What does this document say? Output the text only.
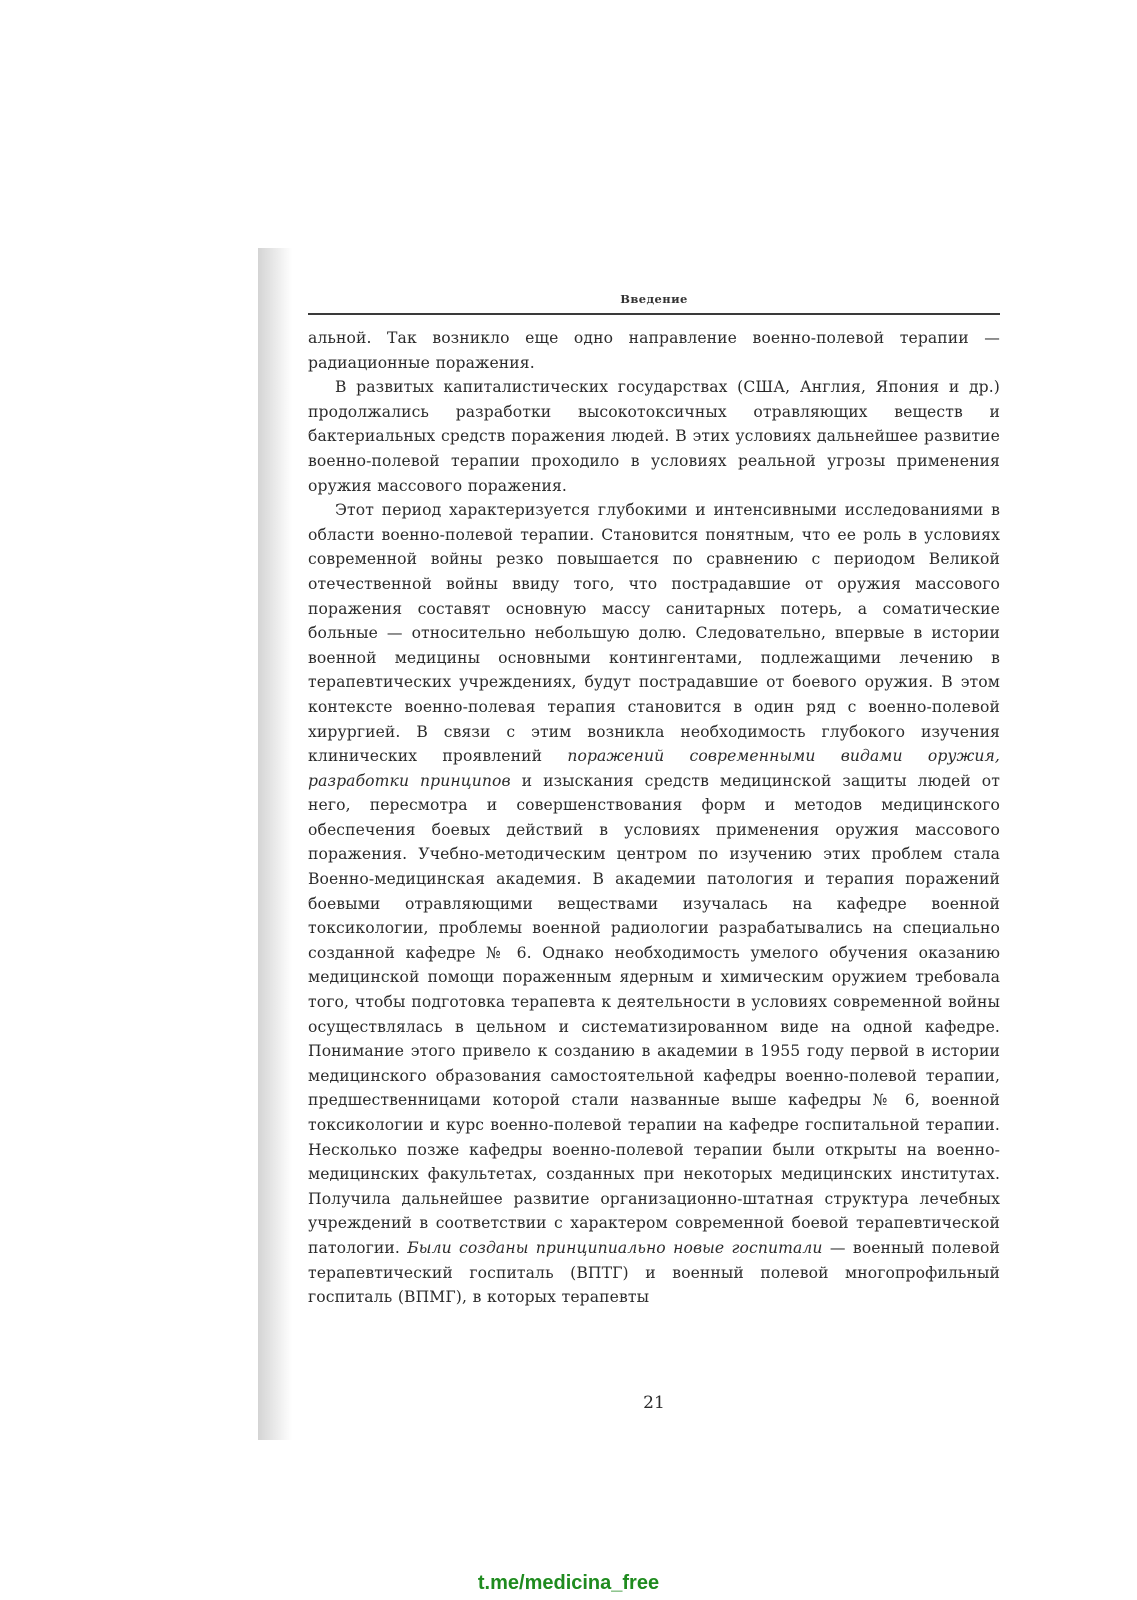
Введение

альной. Так возникло еще одно направление военно-полевой терапии — радиационные поражения.

В развитых капиталистических государствах (США, Англия, Япония и др.) продолжались разработки высокотоксичных отравляющих веществ и бактериальных средств поражения людей. В этих условиях дальнейшее развитие военно-полевой терапии проходило в условиях реальной угрозы применения оружия массового поражения.

Этот период характеризуется глубокими и интенсивными исследованиями в области военно-полевой терапии. Становится понятным, что ее роль в условиях современной войны резко повышается по сравнению с периодом Великой отечественной войны ввиду того, что пострадавшие от оружия массового поражения составят основную массу санитарных потерь, а соматические больные — относительно небольшую долю. Следовательно, впервые в истории военной медицины основными контингентами, подлежащими лечению в терапевтических учреждениях, будут пострадавшие от боевого оружия. В этом контексте военно-полевая терапия становится в один ряд с военно-полевой хирургией. В связи с этим возникла необходимость глубокого изучения клинических проявлений поражений современными видами оружия, разработки принципов и изыскания средств медицинской защиты людей от него, пересмотра и совершенствования форм и методов медицинского обеспечения боевых действий в условиях применения оружия массового поражения. Учебно-методическим центром по изучению этих проблем стала Военно-медицинская академия. В академии патология и терапия поражений боевыми отравляющими веществами изучалась на кафедре военной токсикологии, проблемы военной радиологии разрабатывались на специально созданной кафедре № 6. Однако необходимость умелого обучения оказанию медицинской помощи пораженным ядерным и химическим оружием требовала того, чтобы подготовка терапевта к деятельности в условиях современной войны осуществлялась в цельном и систематизированном виде на одной кафедре. Понимание этого привело к созданию в академии в 1955 году первой в истории медицинского образования самостоятельной кафедры военно-полевой терапии, предшественницами которой стали названные выше кафедры № 6, военной токсикологии и курс военно-полевой терапии на кафедре госпитальной терапии. Несколько позже кафедры военно-полевой терапии были открыты на военно-медицинских факультетах, созданных при некоторых медицинских институтах. Получила дальнейшее развитие организационно-штатная структура лечебных учреждений в соответствии с характером современной боевой терапевтической патологии. Были созданы принципиально новые госпитали — военный полевой терапевтический госпиталь (ВПТГ) и военный полевой многопрофильный госпиталь (ВПМГ), в которых терапевты

21
t.me/medicina_free
